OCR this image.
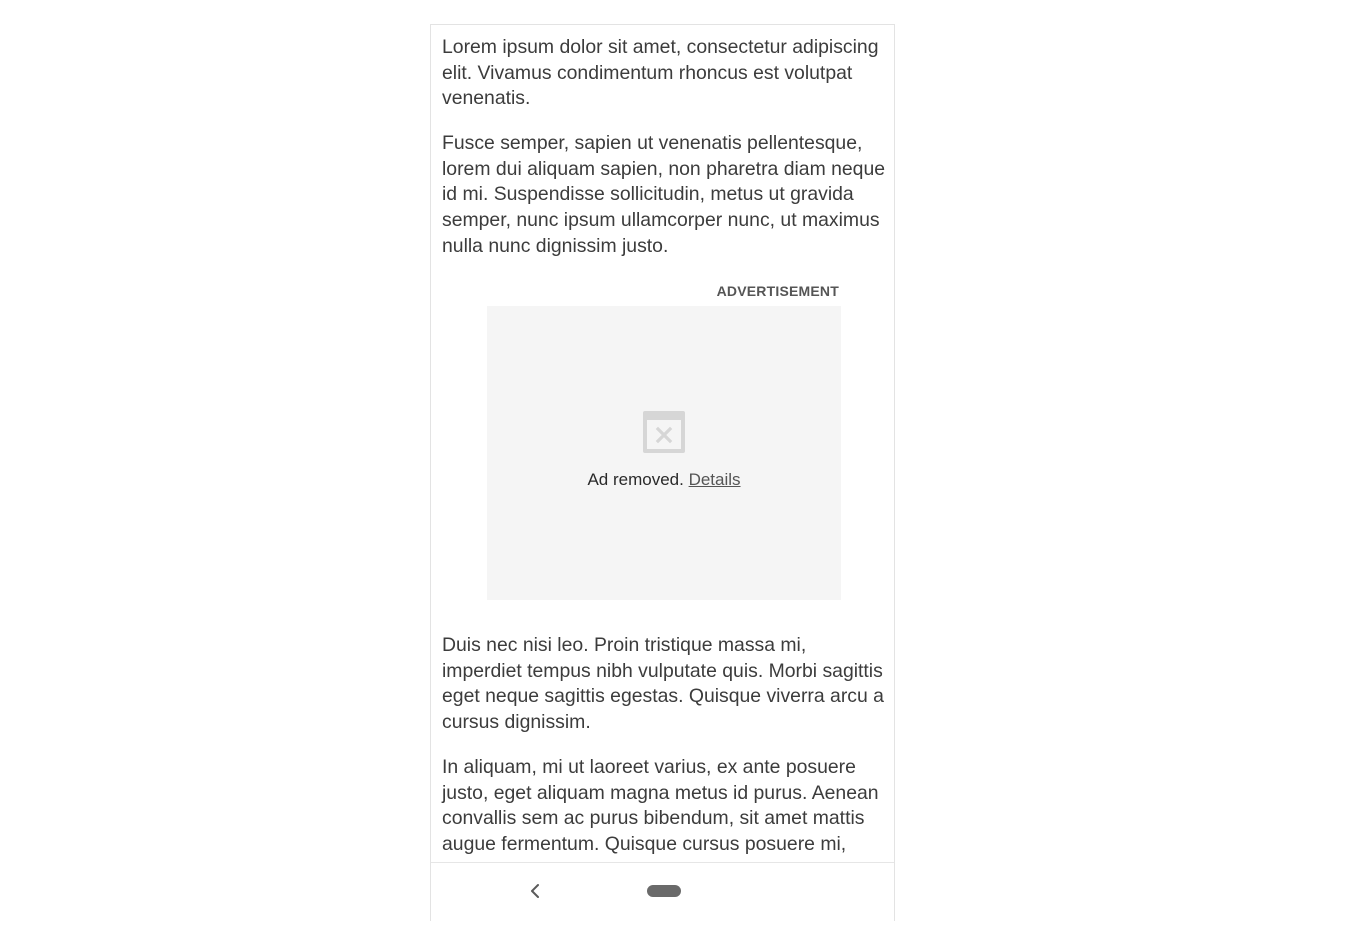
Lorem ipsum dolor sit amet, consectetur adipiscing elit. Vivamus condimentum rhoncus est volutpat venenatis.

Fusce semper, sapien ut venenatis pellentesque, lorem dui aliquam sapien, non pharetra diam neque id mi. Suspendisse sollicitudin, metus ut gravida semper, nunc ipsum ullamcorper nunc, ut maximus nulla nunc dignissim justo.

ADVERTISEMENT
Ad removed. Details

Duis nec nisi leo. Proin tristique massa mi, imperdiet tempus nibh vulputate quis. Morbi sagittis eget neque sagittis egestas. Quisque viverra arcu a cursus dignissim.

In aliquam, mi ut laoreet varius, ex ante posuere justo, eget aliquam magna metus id purus. Aenean convallis sem ac purus bibendum, sit amet mattis augue fermentum. Quisque cursus posuere mi,
